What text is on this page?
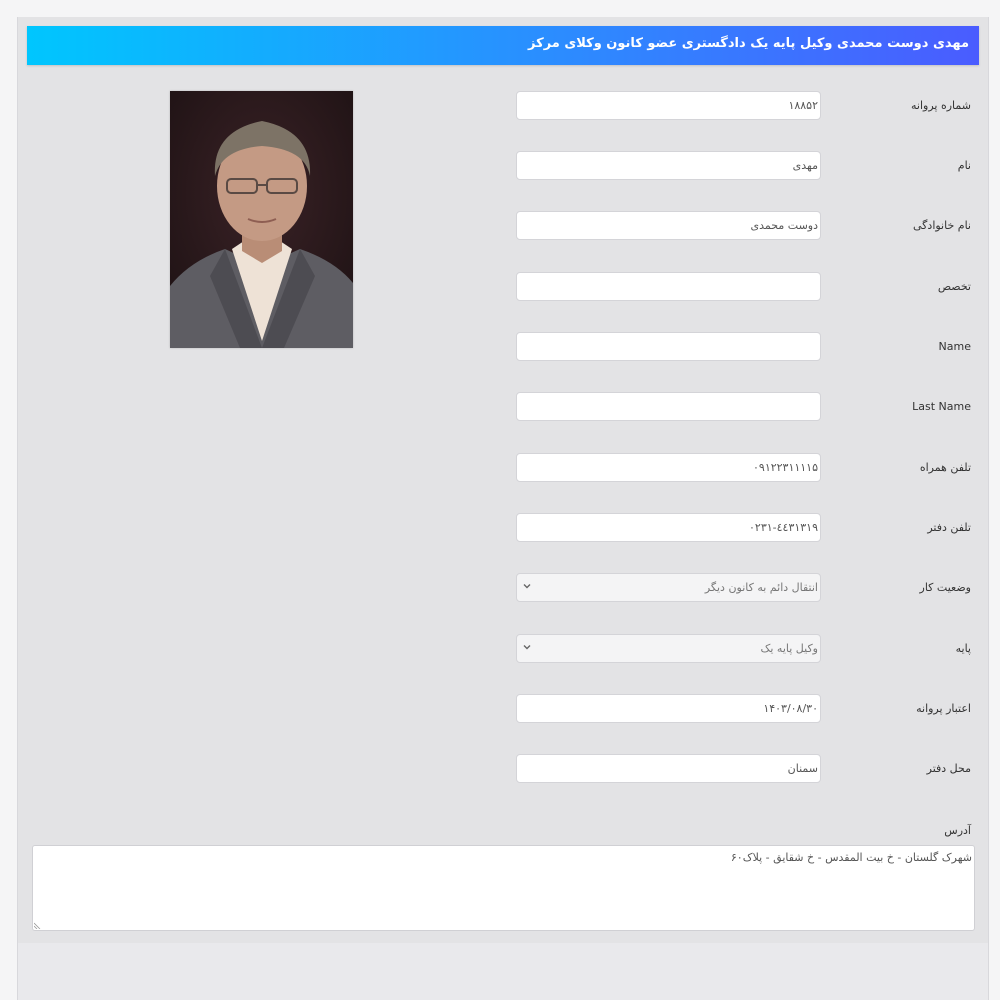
مهدی دوست محمدی وکیل پایه یک دادگستری عضو کانون وکلای مرکز
شماره پروانه
۱۸۸۵۲
نام
مهدی
نام خانوادگی
دوست محمدی
تخصص
Name
Last Name
تلفن همراه
۰۹۱۲۲۳۱۱۱۱۵
تلفن دفتر
٤٤٣١٣١٩-۰۲۳۱
وضعیت کار
انتقال دائم به کانون دیگر
پایه
وکیل پایه یک
اعتبار پروانه
۱۴۰۳/۰۸/۳۰
محل دفتر
سمنان
آدرس
شهرک گلستان - خ بیت المقدس - خ شقایق - پلاک۶۰
